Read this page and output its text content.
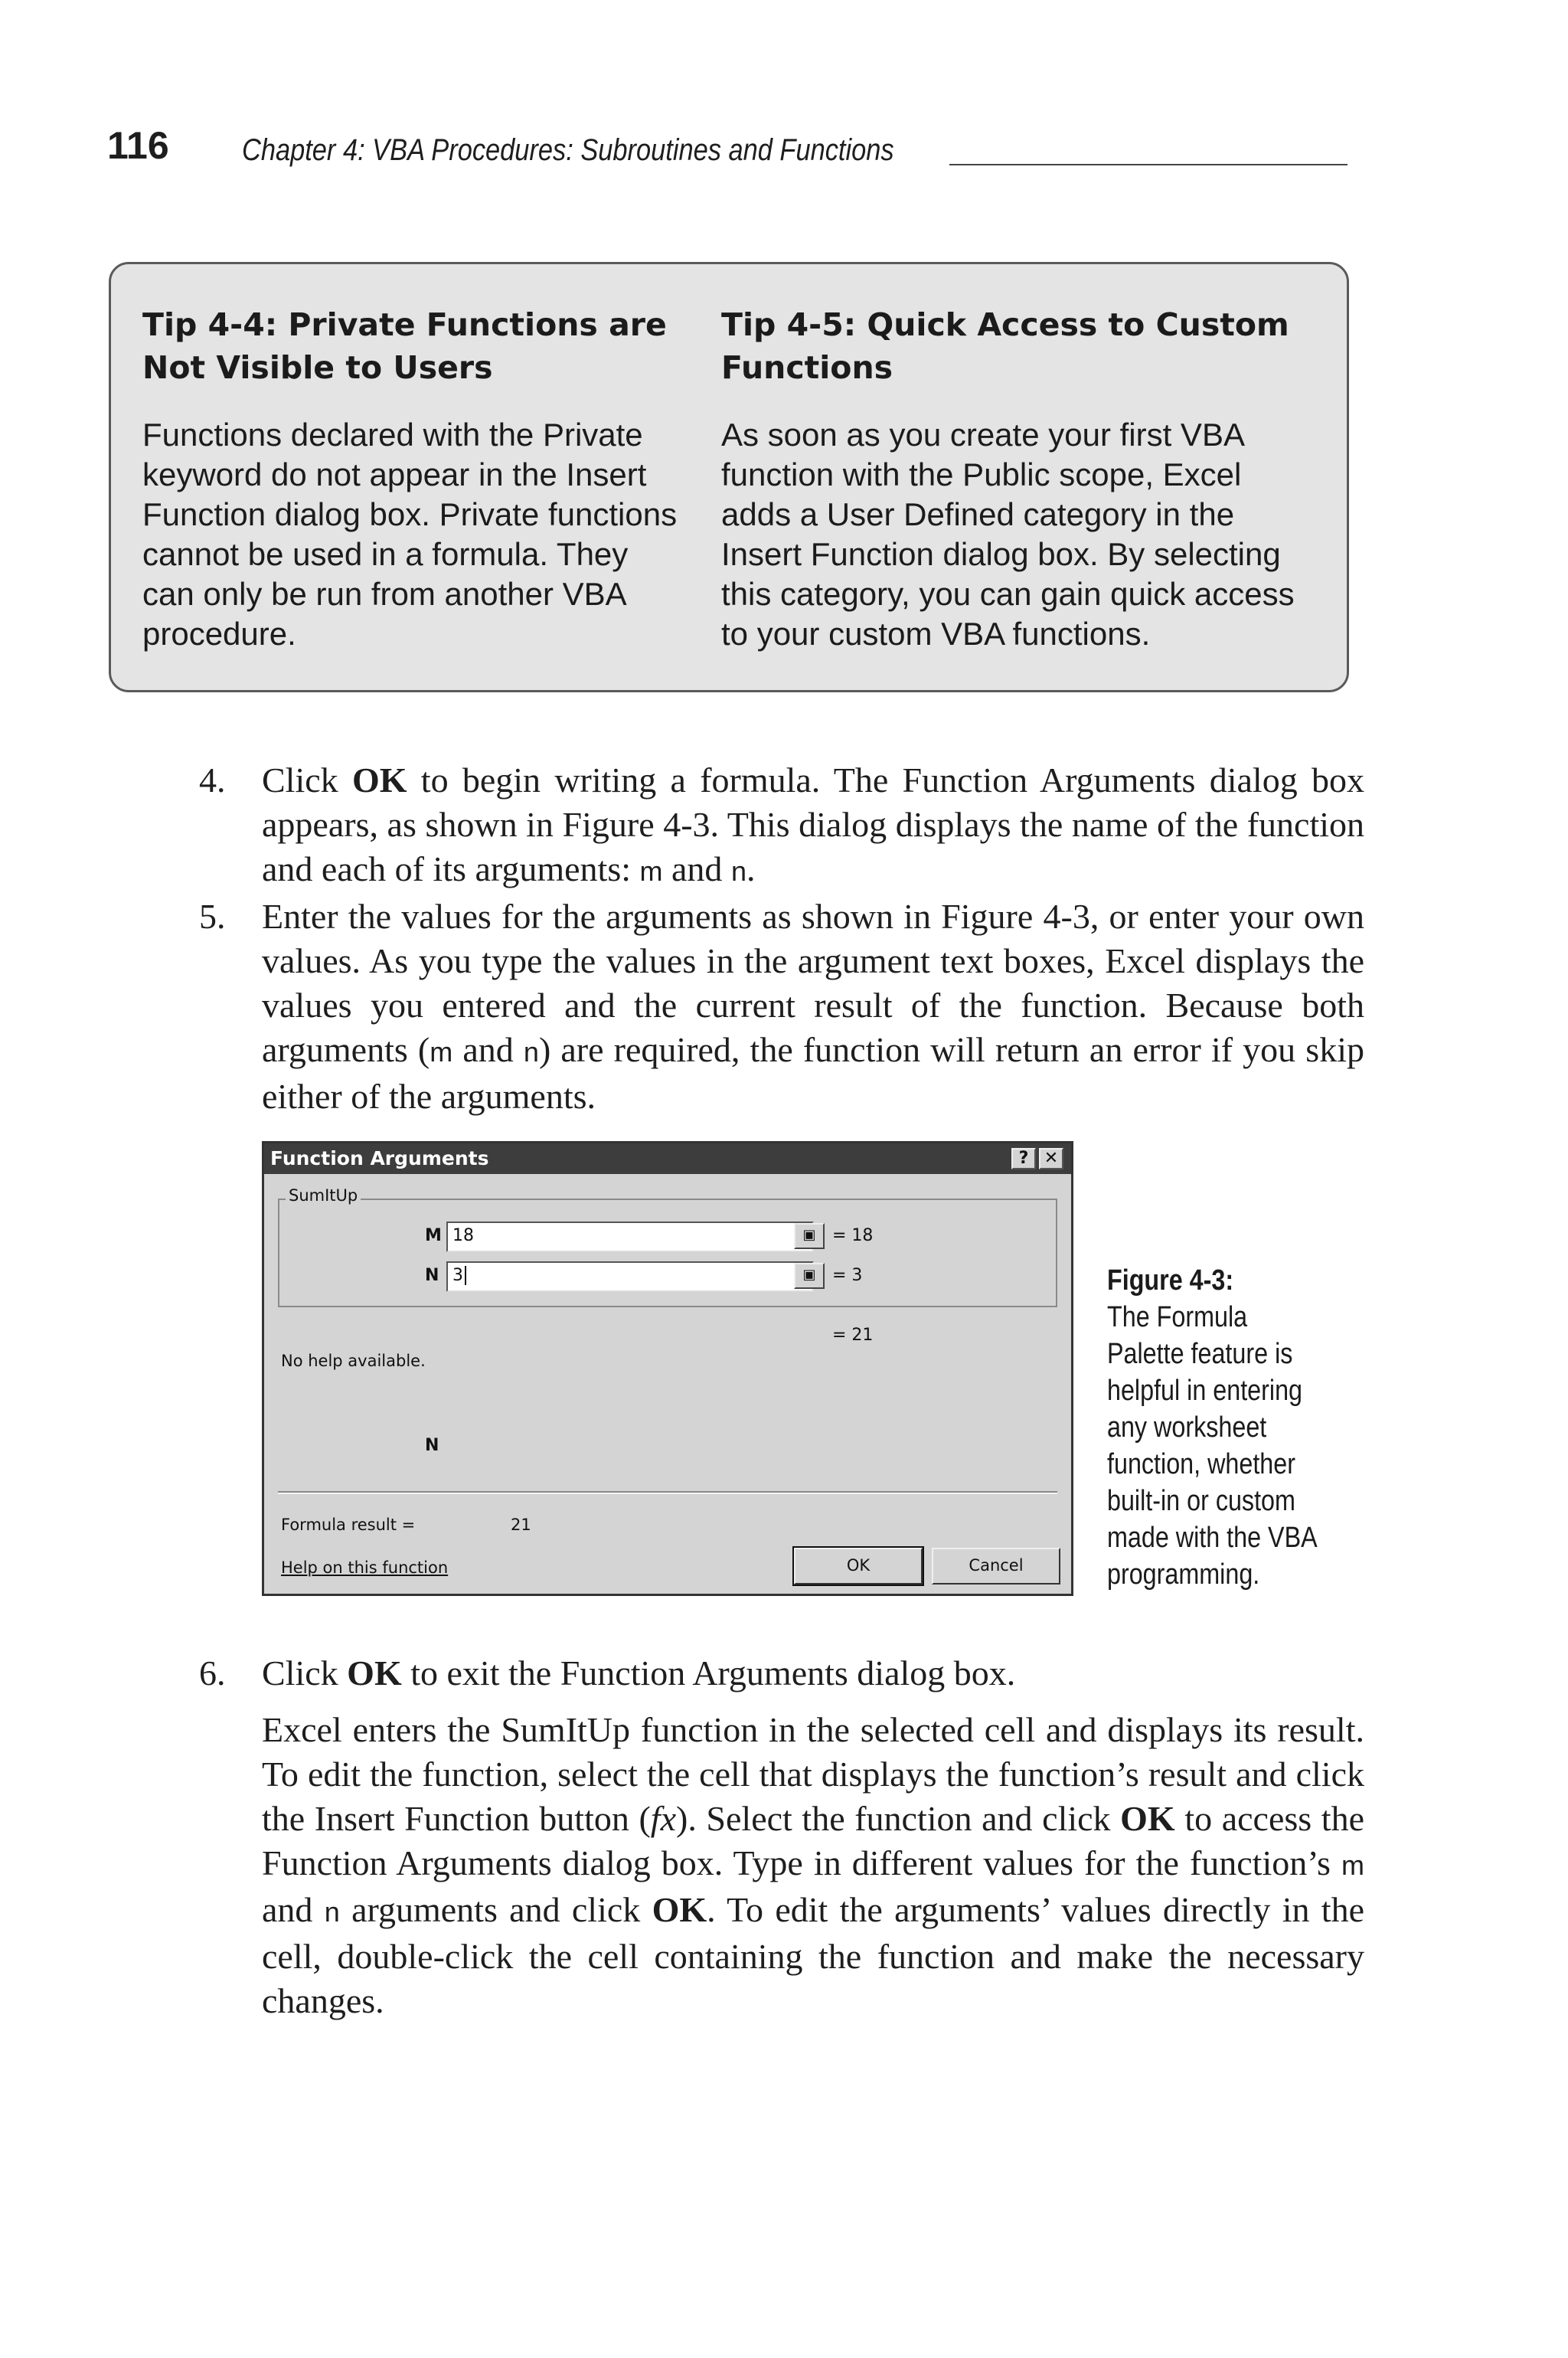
116 Chapter 4: VBA Procedures: Subroutines and Functions
Tip 4-4: Private Functions are
Not Visible to Users
Functions declared with the Private
keyword do not appear in the Insert
Function dialog box. Private functions
cannot be used in a formula. They
can only be run from another VBA
procedure.
Tip 4-5: Quick Access to Custom
Functions
As soon as you create your first VBA
function with the Public scope, Excel
adds a User Defined category in the
Insert Function dialog box. By selecting
this category, you can gain quick access
to your custom VBA functions.
4. Click OK to begin writing a formula. The Function Arguments dialog box appears, as shown in Figure 4-3. This dialog displays the name of the function and each of its arguments: m and n.
5. Enter the values for the arguments as shown in Figure 4-3, or enter your own values. As you type the values in the argument text boxes, Excel displays the values you entered and the current result of the function. Because both arguments (m and n) are required, the function will return an error if you skip either of the arguments.
Function Arguments	? ✕
SumItUp
M 18	▣ = 18
N 3	▣ = 3
= 21
No help available.
N
Formula result =	21
Help on this function	OK	Cancel
Figure 4-3:
The Formula
Palette feature is
helpful in entering
any worksheet
function, whether
built-in or custom
made with the VBA
programming.
6. Click OK to exit the Function Arguments dialog box.
Excel enters the SumItUp function in the selected cell and displays its result. To edit the function, select the cell that displays the function’s result and click the Insert Function button (fx). Select the function and click OK to access the Function Arguments dialog box. Type in different values for the function’s m and n arguments and click OK. To edit the arguments’ values directly in the cell, double-click the cell containing the function and make the necessary changes.
